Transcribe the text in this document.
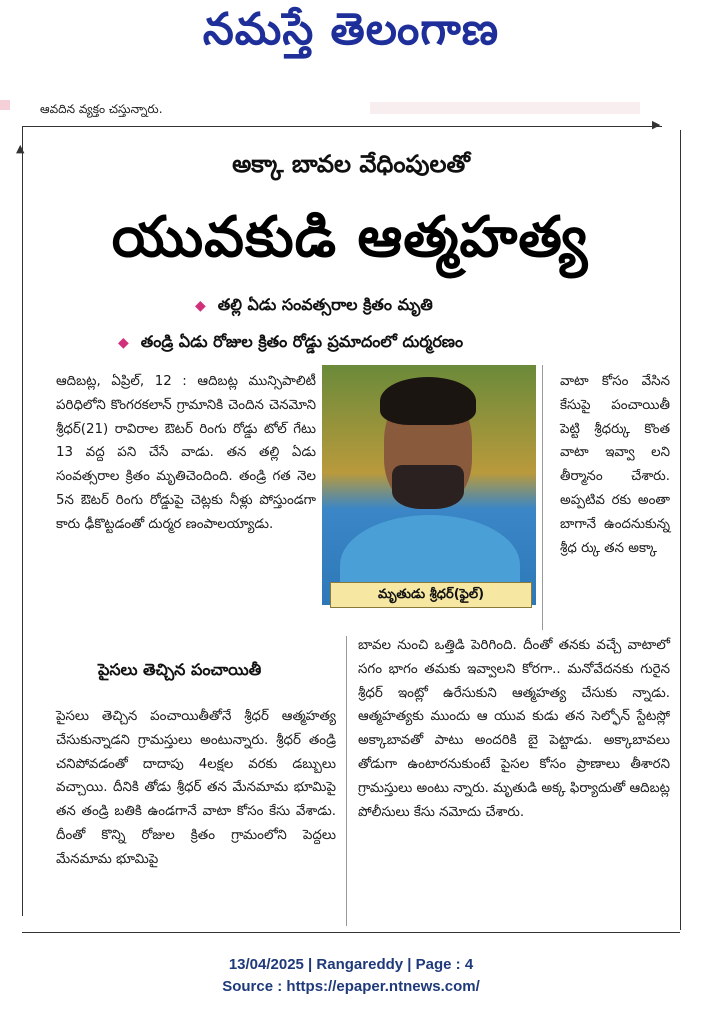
నమస్తే తెలంగాణ
ఆవదిన వ్యక్తం చస్తున్నారు.
▶
▲
అక్కా బావల వేధింపులతో
యువకుడి ఆత్మహత్య
◆ తల్లి ఏడు సంవత్సరాల క్రితం మృతి
◆ తండ్రి ఏడు రోజుల క్రితం రోడ్డు ప్రమాదంలో దుర్మరణం

ఆదిబట్ల, ఏప్రిల్, 12 : ఆదిబట్ల మున్సిపాలిటీ పరిధిలోని కొంగరకలాన్ గ్రామానికి చెందిన చెనమోని శ్రీధర్(21) రావిరాల ఔటర్ రింగు రోడ్డు టోల్ గేటు 13 వద్ద పని చేసే వాడు. తన తల్లి ఏడు సంవత్సరాల క్రితం మృతిచెందింది. తండ్రి గత నెల 5న ఔటర్ రింగు రోడ్డుపై చెట్లకు నీళ్లు పోస్తుండగా కారు ఢీకొట్టడంతో దుర్మర ణంపాలయ్యాడు.

మృతుడు శ్రీధర్(ఫైల్)

వాటా కోసం వేసిన కేసుపై పంచాయితీ పెట్టి శ్రీధర్కు కొంత వాటా ఇవ్వా లని తీర్మానం చేశారు. అప్పటివ రకు అంతా బాగానే ఉందనుకున్న శ్రీధ ర్కు తన అక్కా

పైసలు తెచ్చిన పంచాయితీ

పైసలు తెచ్చిన పంచాయితీతోనే శ్రీధర్ ఆత్మహత్య చేసుకున్నాడని గ్రామస్తులు అంటున్నారు. శ్రీధర్ తండ్రి చనిపోవడంతో దాదాపు 4లక్షల వరకు డబ్బులు వచ్చాయి. దీనికి తోడు శ్రీధర్ తన మేనమామ భూమిపై తన తండ్రి బతికి ఉండగానే వాటా కోసం కేసు వేశాడు. దీంతో కొన్ని రోజుల క్రితం గ్రామంలోని పెద్దలు మేనమామ భూమిపై

బావల నుంచి ఒత్తిడి పెరిగింది. దీంతో తనకు వచ్చే వాటాలో సగం భాగం తమకు ఇవ్వాలని కోరగా.. మనోవేదనకు గురైన శ్రీధర్ ఇంట్లో ఉరేసుకుని ఆత్మహత్య చేసుకు న్నాడు. ఆత్మహత్యకు ముందు ఆ యువ కుడు తన సెల్ఫోన్ స్టేటస్లో అక్కాబావతో పాటు అందరికి బై పెట్టాడు. అక్కాబావలు తోడుగా ఉంటారనుకుంటే పైసల కోసం ప్రాణాలు తీశారని గ్రామస్తులు అంటు న్నారు. మృతుడి అక్క ఫిర్యాదుతో ఆదిబట్ల పోలీసులు కేసు నమోదు చేశారు.

13/04/2025 | Rangareddy | Page : 4
Source : https://epaper.ntnews.com/
